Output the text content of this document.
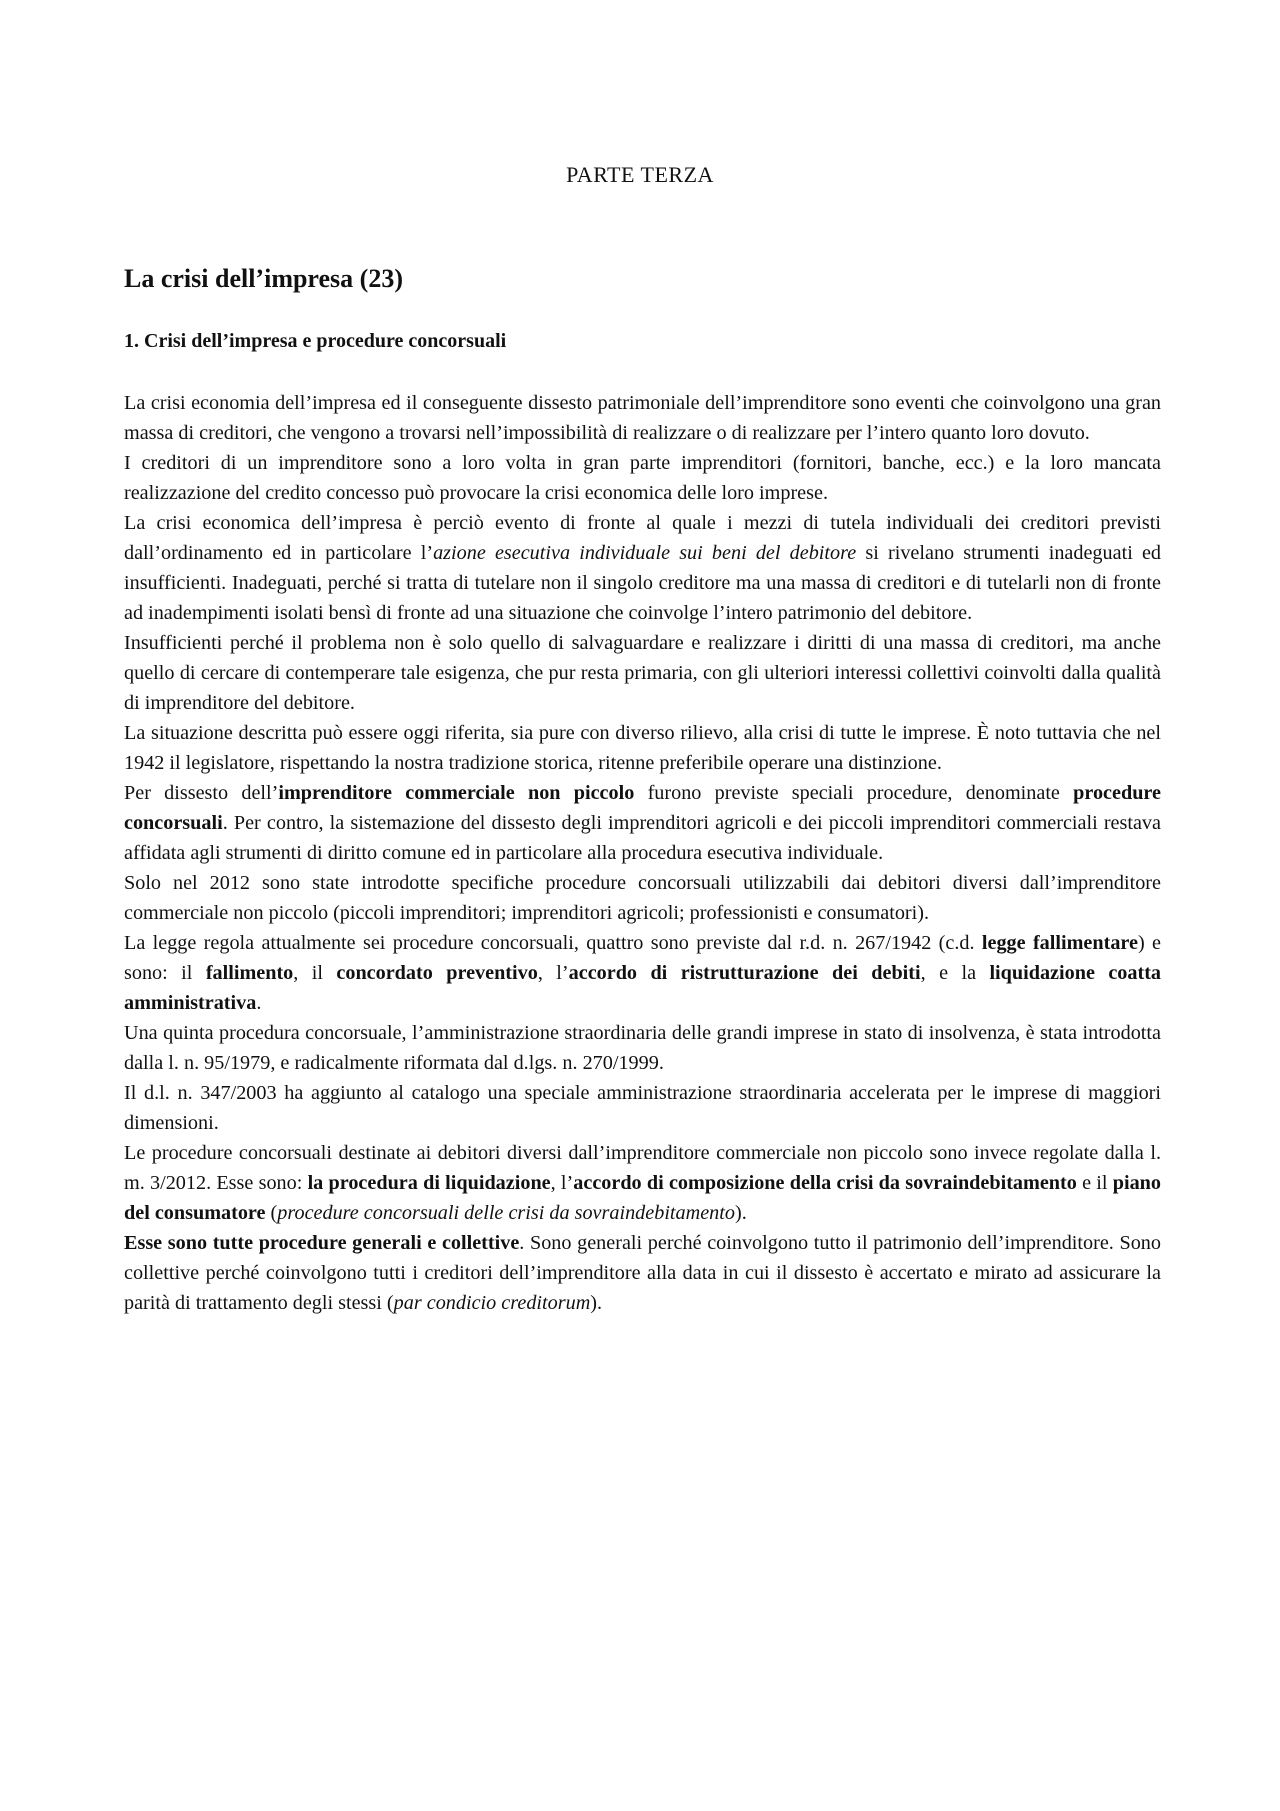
PARTE TERZA
La crisi dell’impresa (23)
1. Crisi dell’impresa e procedure concorsuali

La crisi economia dell’impresa ed il conseguente dissesto patrimoniale dell’imprenditore sono eventi che coinvolgono una gran massa di creditori, che vengono a trovarsi nell’impossibilità di realizzare o di realizzare per l’intero quanto loro dovuto.

I creditori di un imprenditore sono a loro volta in gran parte imprenditori (fornitori, banche, ecc.) e la loro mancata realizzazione del credito concesso può provocare la crisi economica delle loro imprese.

La crisi economica dell’impresa è perciò evento di fronte al quale i mezzi di tutela individuali dei creditori previsti dall’ordinamento ed in particolare l’azione esecutiva individuale sui beni del debitore si rivelano strumenti inadeguati ed insufficienti. Inadeguati, perché si tratta di tutelare non il singolo creditore ma una massa di creditori e di tutelarli non di fronte ad inadempimenti isolati bensì di fronte ad una situazione che coinvolge l’intero patrimonio del debitore.

Insufficienti perché il problema non è solo quello di salvaguardare e realizzare i diritti di una massa di creditori, ma anche quello di cercare di contemperare tale esigenza, che pur resta primaria, con gli ulteriori interessi collettivi coinvolti dalla qualità di imprenditore del debitore.

La situazione descritta può essere oggi riferita, sia pure con diverso rilievo, alla crisi di tutte le imprese. È noto tuttavia che nel 1942 il legislatore, rispettando la nostra tradizione storica, ritenne preferibile operare una distinzione.

Per dissesto dell’imprenditore commerciale non piccolo furono previste speciali procedure, denominate procedure concorsuali. Per contro, la sistemazione del dissesto degli imprenditori agricoli e dei piccoli imprenditori commerciali restava affidata agli strumenti di diritto comune ed in particolare alla procedura esecutiva individuale.

Solo nel 2012 sono state introdotte specifiche procedure concorsuali utilizzabili dai debitori diversi dall’imprenditore commerciale non piccolo (piccoli imprenditori; imprenditori agricoli; professionisti e consumatori).

La legge regola attualmente sei procedure concorsuali, quattro sono previste dal r.d. n. 267/1942 (c.d. legge fallimentare) e sono: il fallimento, il concordato preventivo, l’accordo di ristrutturazione dei debiti, e la liquidazione coatta amministrativa.

Una quinta procedura concorsuale, l’amministrazione straordinaria delle grandi imprese in stato di insolvenza, è stata introdotta dalla l. n. 95/1979, e radicalmente riformata dal d.lgs. n. 270/1999.

Il d.l. n. 347/2003 ha aggiunto al catalogo una speciale amministrazione straordinaria accelerata per le imprese di maggiori dimensioni.

Le procedure concorsuali destinate ai debitori diversi dall’imprenditore commerciale non piccolo sono invece regolate dalla l. m. 3/2012. Esse sono: la procedura di liquidazione, l’accordo di composizione della crisi da sovraindebitamento e il piano del consumatore (procedure concorsuali delle crisi da sovraindebitamento).

Esse sono tutte procedure generali e collettive. Sono generali perché coinvolgono tutto il patrimonio dell’imprenditore. Sono collettive perché coinvolgono tutti i creditori dell’imprenditore alla data in cui il dissesto è accertato e mirato ad assicurare la parità di trattamento degli stessi (par condicio creditorum).
